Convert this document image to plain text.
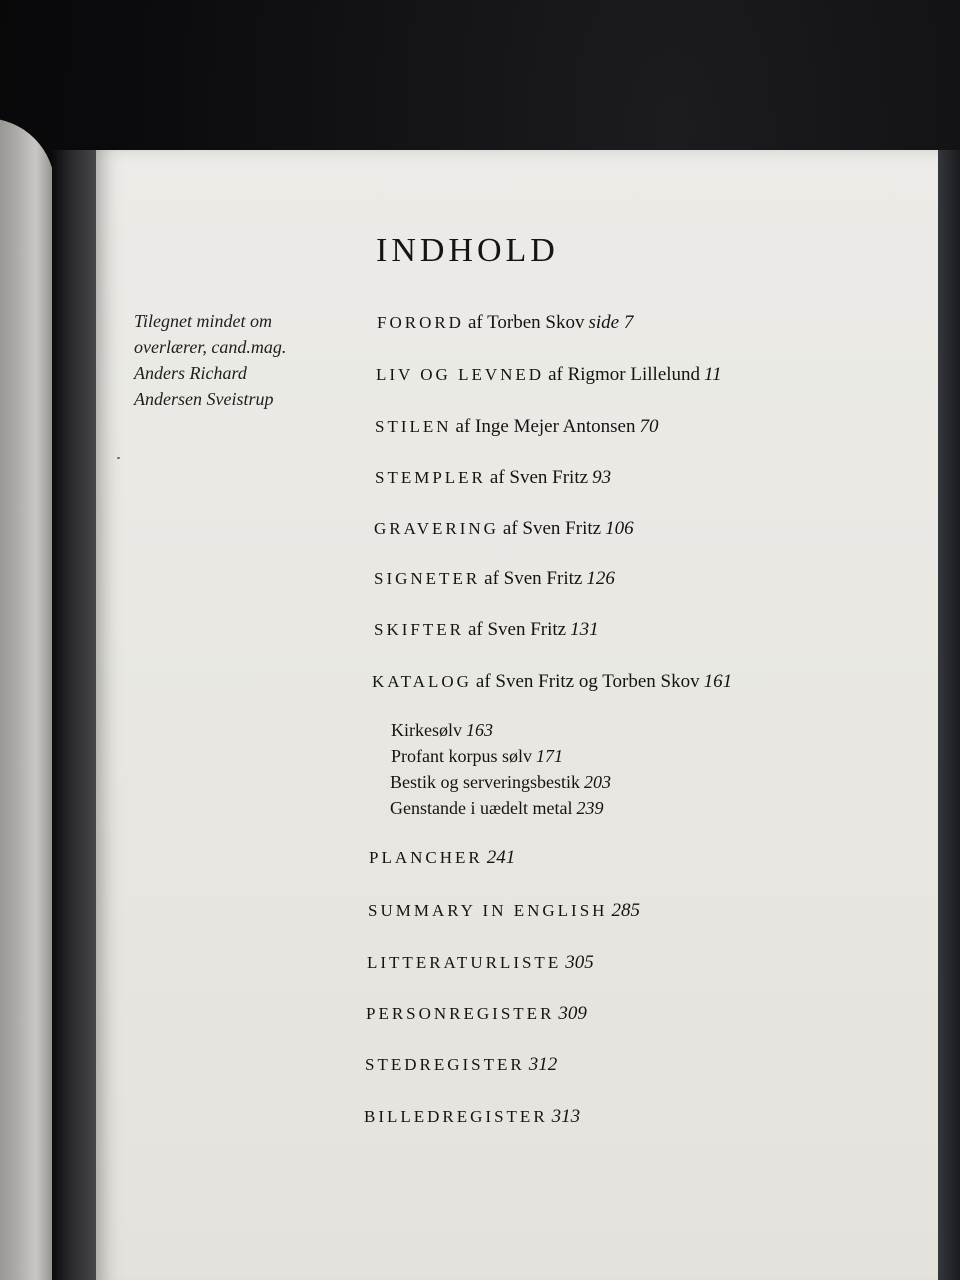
INDHOLD
Tilegnet mindet om
overlærer, cand.mag.
Anders Richard
Andersen Sveistrup
FORORD af Torben Skov side 7
LIV OG LEVNED af Rigmor Lillelund 11
STILEN af Inge Mejer Antonsen 70
STEMPLER af Sven Fritz 93
GRAVERING af Sven Fritz 106
SIGNETER af Sven Fritz 126
SKIFTER af Sven Fritz 131
KATALOG af Sven Fritz og Torben Skov 161
Kirkesølv 163
Profant korpus sølv 171
Bestik og serveringsbestik 203
Genstande i uædelt metal 239
PLANCHER 241
SUMMARY IN ENGLISH 285
LITTERATURLISTE 305
PERSONREGISTER 309
STEDREGISTER 312
BILLEDREGISTER 313
